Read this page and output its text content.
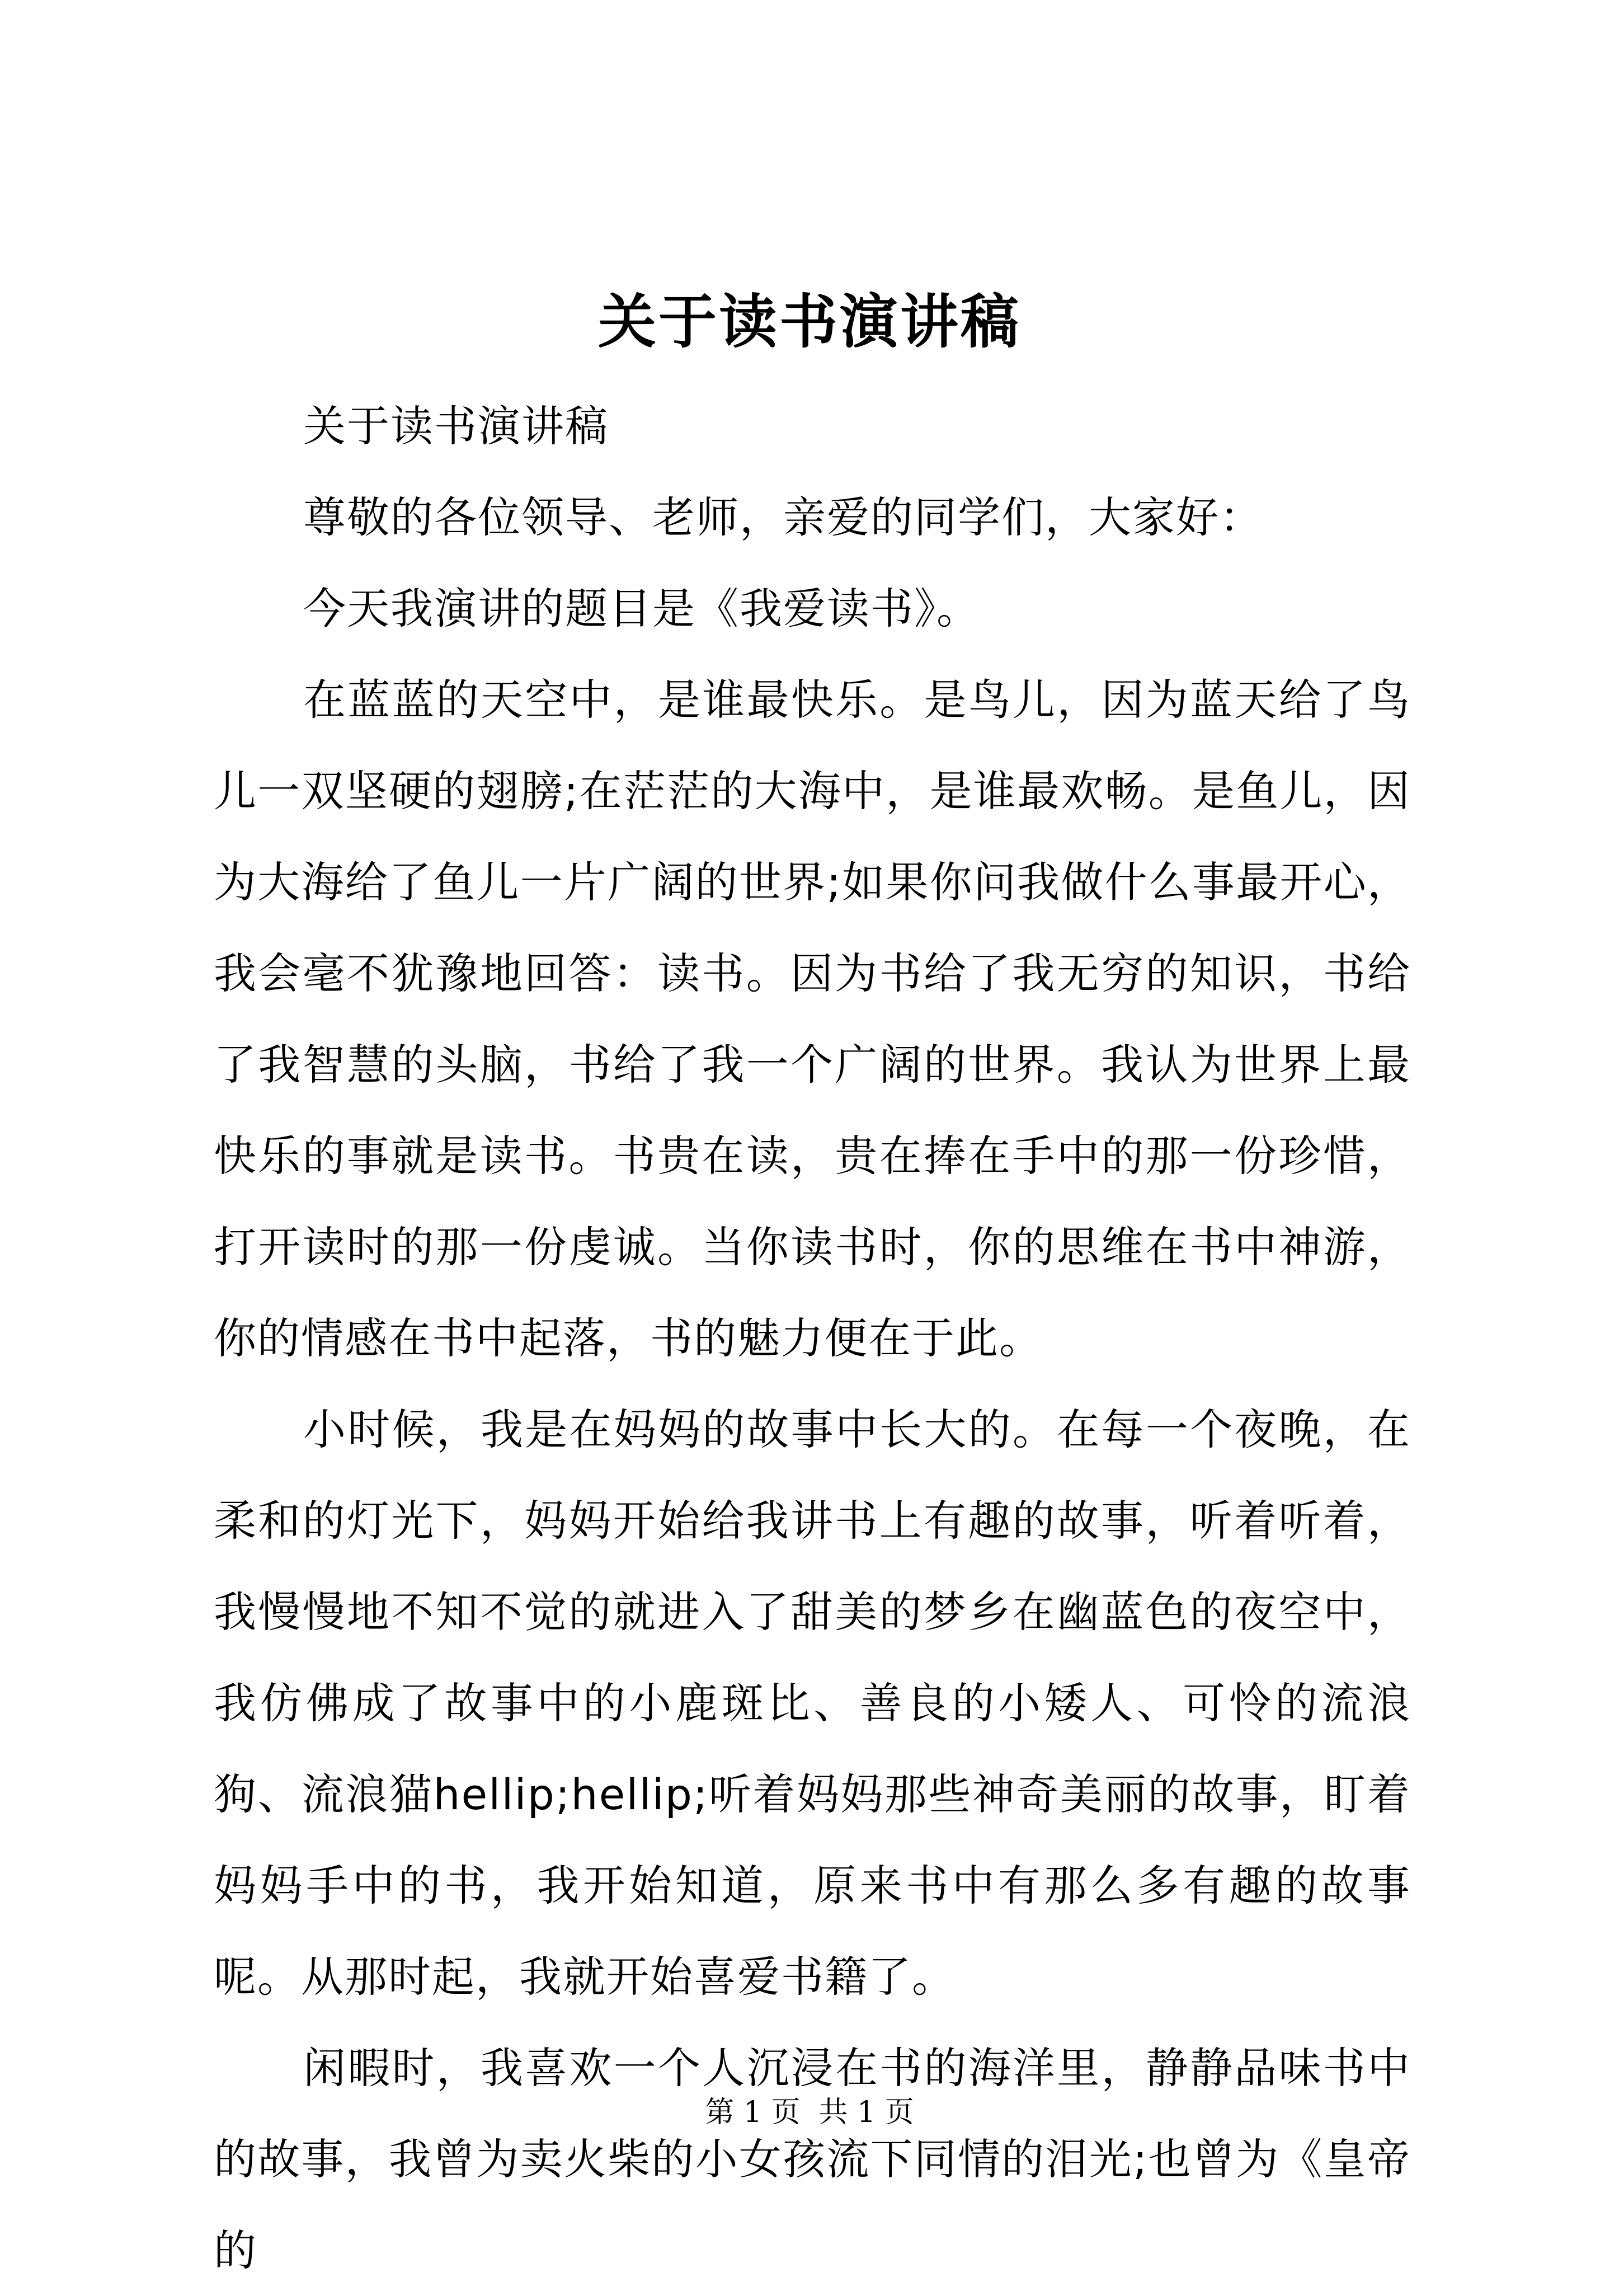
关于读书演讲稿

关于读书演讲稿

尊敬的各位领导、老师，亲爱的同学们，大家好：

今天我演讲的题目是《我爱读书》。

在蓝蓝的天空中，是谁最快乐。是鸟儿，因为蓝天给了鸟儿一双坚硬的翅膀;在茫茫的大海中，是谁最欢畅。是鱼儿，因为大海给了鱼儿一片广阔的世界;如果你问我做什么事最开心，我会毫不犹豫地回答：读书。因为书给了我无穷的知识，书给了我智慧的头脑，书给了我一个广阔的世界。我认为世界上最快乐的事就是读书。书贵在读，贵在捧在手中的那一份珍惜，打开读时的那一份虔诚。当你读书时，你的思维在书中神游，你的情感在书中起落，书的魅力便在于此。

小时候，我是在妈妈的故事中长大的。在每一个夜晚，在柔和的灯光下，妈妈开始给我讲书上有趣的故事，听着听着，我慢慢地不知不觉的就进入了甜美的梦乡在幽蓝色的夜空中，我仿佛成了故事中的小鹿斑比、善良的小矮人、可怜的流浪狗、流浪猫hellip;hellip;听着妈妈那些神奇美丽的故事，盯着妈妈手中的书，我开始知道，原来书中有那么多有趣的故事呢。从那时起，我就开始喜爱书籍了。

闲暇时，我喜欢一个人沉浸在书的海洋里，静静品味书中的故事，我曾为卖火柴的小女孩流下同情的泪光;也曾为《皇帝的

第 1 页  共 1 页
